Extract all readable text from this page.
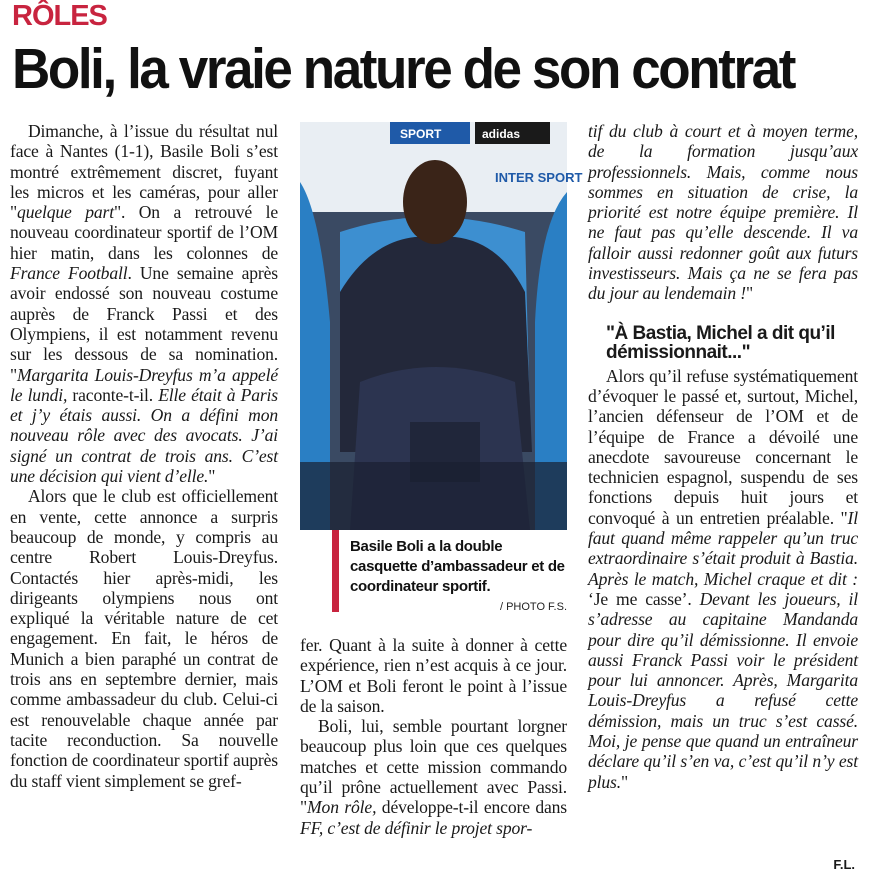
RÔLES
Boli, la vraie nature de son contrat

Dimanche, à l’issue du résultat nul face à Nantes (1-1), Basile Boli s’est montré extrêmement discret, fuyant les micros et les caméras, pour aller "quelque part". On a retrouvé le nouveau coordinateur sportif de l’OM hier matin, dans les colonnes de France Football. Une semaine après avoir endossé son nouveau costume auprès de Franck Passi et des Olympiens, il est notamment revenu sur les dessous de sa nomination. "Margarita Louis-Dreyfus m’a appelé le lundi, raconte-t-il. Elle était à Paris et j’y étais aussi. On a défini mon nouveau rôle avec des avocats. J’ai signé un contrat de trois ans. C’est une décision qui vient d’elle."

Alors que le club est officiellement en vente, cette annonce a surpris beaucoup de monde, y compris au centre Robert Louis-Dreyfus. Contactés hier après-midi, les dirigeants olympiens nous ont expliqué la véritable nature de cet engagement. En fait, le héros de Munich a bien paraphé un contrat de trois ans en septembre dernier, mais comme ambassadeur du club. Celui-ci est renouvelable chaque année par tacite reconduction. Sa nouvelle fonction de coordinateur sportif auprès du staff vient simplement se gref-

SPORT	adidas
INTER SPORT
Basile Boli a la double casquette d’ambassadeur et de coordinateur sportif.
/ PHOTO F.S.

fer. Quant à la suite à donner à cette expérience, rien n’est acquis à ce jour. L’OM et Boli feront le point à l’issue de la saison.

Boli, lui, semble pourtant lorgner beaucoup plus loin que ces quelques matches et cette mission commando qu’il prône actuellement avec Passi. "Mon rôle, développe-t-il encore dans FF, c’est de définir le projet spor-

tif du club à court et à moyen terme, de la formation jusqu’aux professionnels. Mais, comme nous sommes en situation de crise, la priorité est notre équipe première. Il ne faut pas qu’elle descende. Il va falloir aussi redonner goût aux futurs investisseurs. Mais ça ne se fera pas du jour au lendemain !"

"À Bastia, Michel a dit qu’il démissionnait..."

Alors qu’il refuse systématiquement d’évoquer le passé et, surtout, Michel, l’ancien défenseur de l’OM et de l’équipe de France a dévoilé une anecdote savoureuse concernant le technicien espagnol, suspendu de ses fonctions depuis huit jours et convoqué à un entretien préalable. "Il faut quand même rappeler qu’un truc extraordinaire s’était produit à Bastia. Après le match, Michel craque et dit : ‘Je me casse’. Devant les joueurs, il s’adresse au capitaine Mandanda pour dire qu’il démissionne. Il envoie aussi Franck Passi voir le président pour lui annoncer. Après, Margarita Louis-Dreyfus a refusé cette démission, mais un truc s’est cassé. Moi, je pense que quand un entraîneur déclare qu’il s’en va, c’est qu’il n’y est plus."

F.L.
